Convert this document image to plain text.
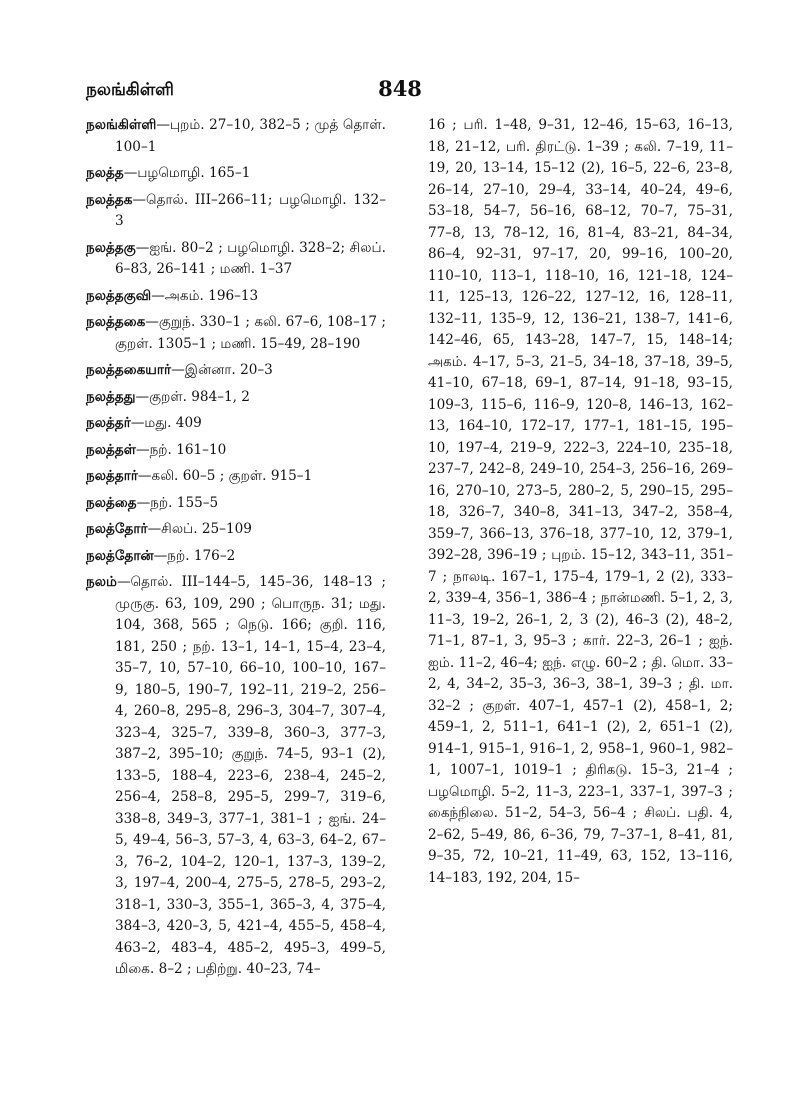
நலங்கிள்ளி	848

நலங்கிள்ளி—புறம். 27–10, 382–5 ; முத் தொள். 100–1

நலத்த—பழமொழி. 165–1

நலத்தக—தொல். III–266–11; பழமொழி. 132–3

நலத்தகு—ஐங். 80–2 ; பழமொழி. 328–2; சிலப். 6–83, 26–141 ; மணி. 1–37

நலத்தகுவி—அகம். 196–13

நலத்தகை—குறுந். 330–1 ; கலி. 67–6, 108–17 ; குறள். 1305–1 ; மணி. 15–49, 28–190

நலத்தகையார்—இன்னா. 20–3

நலத்தது—குறள். 984–1, 2

நலத்தர்—மது. 409

நலத்தள்—நற். 161–10

நலத்தார்—கலி. 60–5 ; குறள். 915–1

நலத்தை—நற். 155–5

நலத்தோர்—சிலப். 25–109

நலத்தோன்—நற். 176–2

நலம்—தொல். III–144–5, 145–36, 148–13 ; முருகு. 63, 109, 290 ; பொருந. 31; மது. 104, 368, 565 ; நெடு. 166; குறி. 116, 181, 250 ; நற். 13–1, 14–1, 15–4, 23–4, 35–7, 10, 57–10, 66–10, 100–10, 167–9, 180–5, 190–7, 192–11, 219–2, 256–4, 260–8, 295–8, 296–3, 304–7, 307–4, 323–4, 325–7, 339–8, 360–3, 377–3, 387–2, 395–10; குறுந். 74–5, 93–1 (2), 133–5, 188–4, 223–6, 238–4, 245–2, 256–4, 258–8, 295–5, 299–7, 319–6, 338–8, 349–3, 377–1, 381–1 ; ஐங். 24–5, 49–4, 56–3, 57–3, 4, 63–3, 64–2, 67–3, 76–2, 104–2, 120–1, 137–3, 139–2, 3, 197–4, 200–4, 275–5, 278–5, 293–2, 318–1, 330–3, 355–1, 365–3, 4, 375–4, 384–3, 420–3, 5, 421–4, 455–5, 458–4, 463–2, 483–4, 485–2, 495–3, 499–5, மிகை. 8–2 ; பதிற்று. 40–23, 74–

16 ; பரி. 1–48, 9–31, 12–46, 15–63, 16–13, 18, 21–12, பரி. திரட்டு. 1–39 ; கலி. 7–19, 11–19, 20, 13–14, 15–12 (2), 16–5, 22–6, 23–8, 26–14, 27–10, 29–4, 33–14, 40–24, 49–6, 53–18, 54–7, 56–16, 68–12, 70–7, 75–31, 77–8, 13, 78–12, 16, 81–4, 83–21, 84–34, 86–4, 92–31, 97–17, 20, 99–16, 100–20, 110–10, 113–1, 118–10, 16, 121–18, 124–11, 125–13, 126–22, 127–12, 16, 128–11, 132–11, 135–9, 12, 136–21, 138–7, 141–6, 142–46, 65, 143–28, 147–7, 15, 148–14; அகம். 4–17, 5–3, 21–5, 34–18, 37–18, 39–5, 41–10, 67–18, 69–1, 87–14, 91–18, 93–15, 109–3, 115–6, 116–9, 120–8, 146–13, 162–13, 164–10, 172–17, 177–1, 181–15, 195–10, 197–4, 219–9, 222–3, 224–10, 235–18, 237–7, 242–8, 249–10, 254–3, 256–16, 269–16, 270–10, 273–5, 280–2, 5, 290–15, 295–18, 326–7, 340–8, 341–13, 347–2, 358–4, 359–7, 366–13, 376–18, 377–10, 12, 379–1, 392–28, 396–19 ; புறம். 15–12, 343–11, 351–7 ; நாலடி. 167–1, 175–4, 179–1, 2 (2), 333–2, 339–4, 356–1, 386–4 ; நான்மணி. 5–1, 2, 3, 11–3, 19–2, 26–1, 2, 3 (2), 46–3 (2), 48–2, 71–1, 87–1, 3, 95–3 ; கார். 22–3, 26–1 ; ஐந். ஐம். 11–2, 46–4; ஐந். எழு. 60–2 ; தி. மொ. 33–2, 4, 34–2, 35–3, 36–3, 38–1, 39–3 ; தி. மா. 32–2 ; குறள். 407–1, 457–1 (2), 458–1, 2; 459–1, 2, 511–1, 641–1 (2), 2, 651–1 (2), 914–1, 915–1, 916–1, 2, 958–1, 960–1, 982–1, 1007–1, 1019–1 ; திரிகடு. 15–3, 21–4 ; பழமொழி. 5–2, 11–3, 223–1, 337–1, 397–3 ; கைந்நிலை. 51–2, 54–3, 56–4 ; சிலப். பதி. 4, 2–62, 5–49, 86, 6–36, 79, 7–37–1, 8–41, 81, 9–35, 72, 10–21, 11–49, 63, 152, 13–116, 14–183, 192, 204, 15–
